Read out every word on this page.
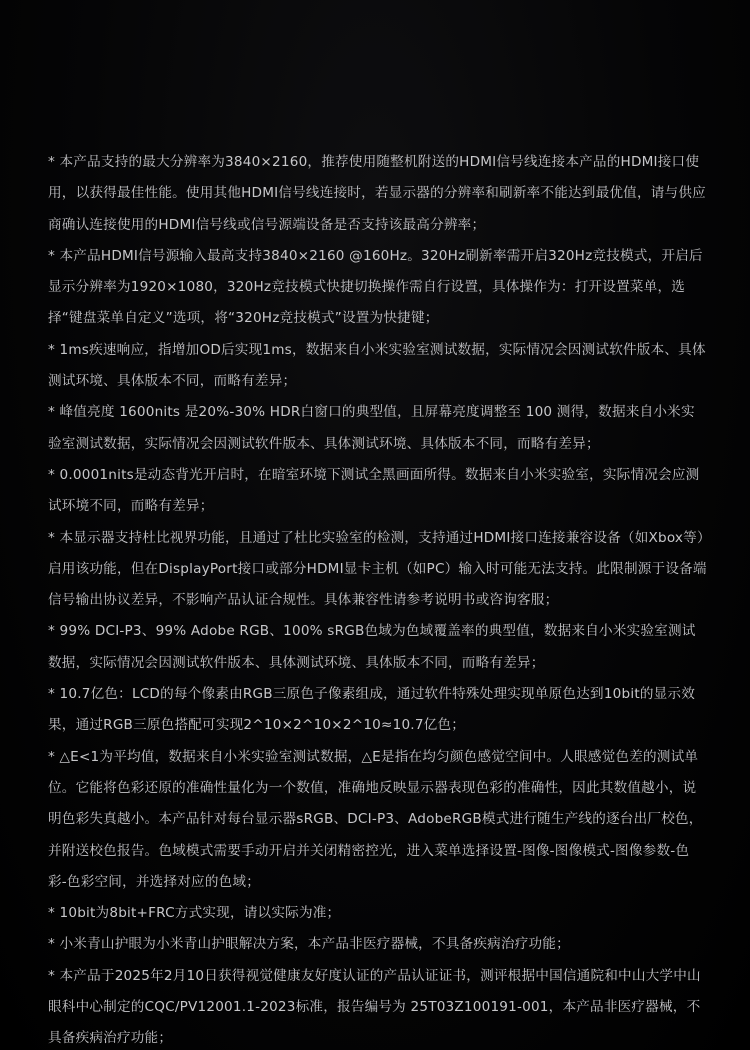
* 本产品支持的最大分辨率为3840×2160，推荐使用随整机附送的HDMI信号线连接本产品的HDMI接口使用，以获得最佳性能。使用其他HDMI信号线连接时，若显示器的分辨率和刷新率不能达到最优值，请与供应商确认连接使用的HDMI信号线或信号源端设备是否支持该最高分辨率；

* 本产品HDMI信号源输入最高支持3840×2160 @160Hz。320Hz刷新率需开启320Hz竞技模式，开启后显示分辨率为1920×1080，320Hz竞技模式快捷切换操作需自行设置，具体操作为：打开设置菜单，选择“键盘菜单自定义”选项，将“320Hz竞技模式”设置为快捷键；

* 1ms疾速响应，指增加OD后实现1ms，数据来自小米实验室测试数据，实际情况会因测试软件版本、具体测试环境、具体版本不同，而略有差异；

* 峰值亮度 1600nits 是20%-30% HDR白窗口的典型值，且屏幕亮度调整至 100 测得，数据来自小米实验室测试数据，实际情况会因测试软件版本、具体测试环境、具体版本不同，而略有差异；

* 0.0001nits是动态背光开启时，在暗室环境下测试全黑画面所得。数据来自小米实验室，实际情况会应测试环境不同，而略有差异；

* 本显示器支持杜比视界功能，且通过了杜比实验室的检测，支持通过HDMI接口连接兼容设备（如Xbox等）启用该功能，但在DisplayPort接口或部分HDMI显卡主机（如PC）输入时可能无法支持。此限制源于设备端信号输出协议差异，不影响产品认证合规性。具体兼容性请参考说明书或咨询客服；

* 99% DCI-P3、99% Adobe RGB、100% sRGB色域为色域覆盖率的典型值，数据来自小米实验室测试数据，实际情况会因测试软件版本、具体测试环境、具体版本不同，而略有差异；

* 10.7亿色：LCD的每个像素由RGB三原色子像素组成，通过软件特殊处理实现单原色达到10bit的显示效果，通过RGB三原色搭配可实现2^10×2^10×2^10≈10.7亿色；

* △E<1为平均值，数据来自小米实验室测试数据，△E是指在均匀颜色感觉空间中。人眼感觉色差的测试单位。它能将色彩还原的准确性量化为一个数值，准确地反映显示器表现色彩的准确性，因此其数值越小，说明色彩失真越小。本产品针对每台显示器sRGB、DCI-P3、AdobeRGB模式进行随生产线的逐台出厂校色，并附送校色报告。色域模式需要手动开启并关闭精密控光，进入菜单选择设置-图像-图像模式-图像参数-色彩-色彩空间，并选择对应的色域；

* 10bit为8bit+FRC方式实现，请以实际为准；

* 小米青山护眼为小米青山护眼解决方案，本产品非医疗器械，不具备疾病治疗功能；

* 本产品于2025年2月10日获得视觉健康友好度认证的产品认证证书，测评根据中国信通院和中山大学中山眼科中心制定的CQC/PV12001.1-2023标准，报告编号为 25T03Z100191-001，本产品非医疗器械，不具备疾病治疗功能；
